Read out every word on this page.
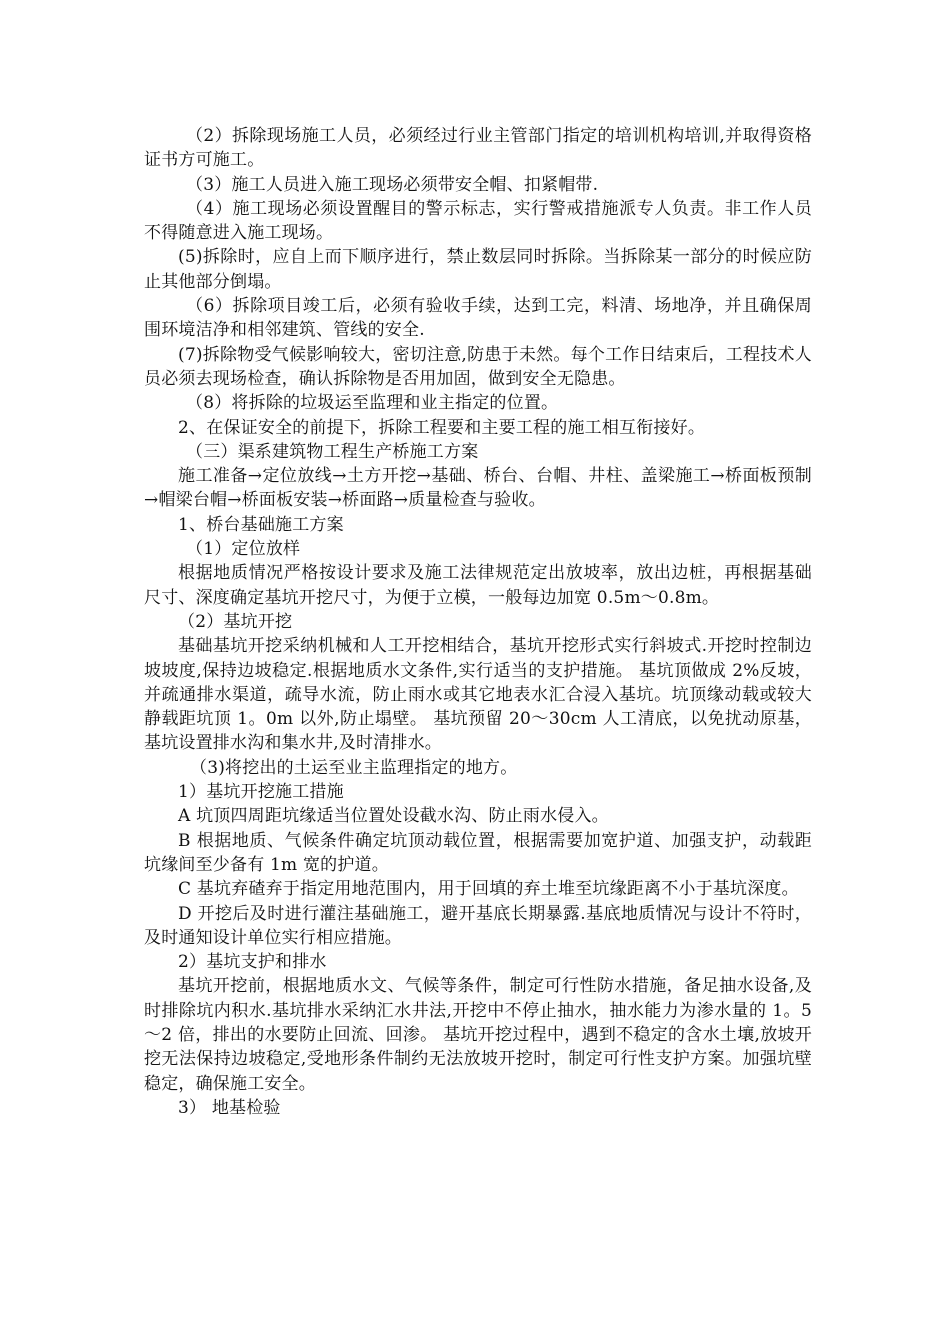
（2）拆除现场施工人员，必须经过行业主管部门指定的培训机构培训,并取得资格证书方可施工。

（3）施工人员进入施工现场必须带安全帽、扣紧帽带.

（4）施工现场必须设置醒目的警示标志，实行警戒措施派专人负责。非工作人员不得随意进入施工现场。

(5)拆除时，应自上而下顺序进行，禁止数层同时拆除。当拆除某一部分的时候应防止其他部分倒塌。

（6）拆除项目竣工后，必须有验收手续，达到工完，料清、场地净，并且确保周围环境洁净和相邻建筑、管线的安全.

(7)拆除物受气候影响较大，密切注意,防患于未然。每个工作日结束后，工程技术人员必须去现场检查，确认拆除物是否用加固，做到安全无隐患。

（8）将拆除的垃圾运至监理和业主指定的位置。

2、在保证安全的前提下，拆除工程要和主要工程的施工相互衔接好。

（三）渠系建筑物工程生产桥施工方案

施工准备→定位放线→土方开挖→基础、桥台、台帽、井柱、盖梁施工→桥面板预制→帽梁台帽→桥面板安装→桥面路→质量检查与验收。

1、桥台基础施工方案

（1）定位放样

根据地质情况严格按设计要求及施工法律规范定出放坡率，放出边桩，再根据基础尺寸、深度确定基坑开挖尺寸，为便于立模，一般每边加宽 0.5m～0.8m。

（2）基坑开挖

基础基坑开挖采纳机械和人工开挖相结合，基坑开挖形式实行斜坡式.开挖时控制边坡坡度,保持边坡稳定.根据地质水文条件,实行适当的支护措施。 基坑顶做成 2%反坡，并疏通排水渠道，疏导水流，防止雨水或其它地表水汇合浸入基坑。坑顶缘动载或较大静载距坑顶 1。0m 以外,防止塌壁。 基坑预留 20～30cm 人工清底，以免扰动原基，基坑设置排水沟和集水井,及时清排水。

（3)将挖出的土运至业主监理指定的地方。

1）基坑开挖施工措施

A 坑顶四周距坑缘适当位置处设截水沟、防止雨水侵入。

B 根据地质、气候条件确定坑顶动载位置，根据需要加宽护道、加强支护，动载距坑缘间至少备有 1m 宽的护道。

C 基坑弃碴弃于指定用地范围内，用于回填的弃土堆至坑缘距离不小于基坑深度。

D 开挖后及时进行灌注基础施工，避开基底长期暴露.基底地质情况与设计不符时，及时通知设计单位实行相应措施。

2）基坑支护和排水

基坑开挖前，根据地质水文、气候等条件，制定可行性防水措施，备足抽水设备,及时排除坑内积水.基坑排水采纳汇水井法,开挖中不停止抽水，抽水能力为渗水量的 1。5～2 倍，排出的水要防止回流、回渗。 基坑开挖过程中，遇到不稳定的含水土壤,放坡开挖无法保持边坡稳定,受地形条件制约无法放坡开挖时，制定可行性支护方案。加强坑壁稳定，确保施工安全。

3） 地基检验
